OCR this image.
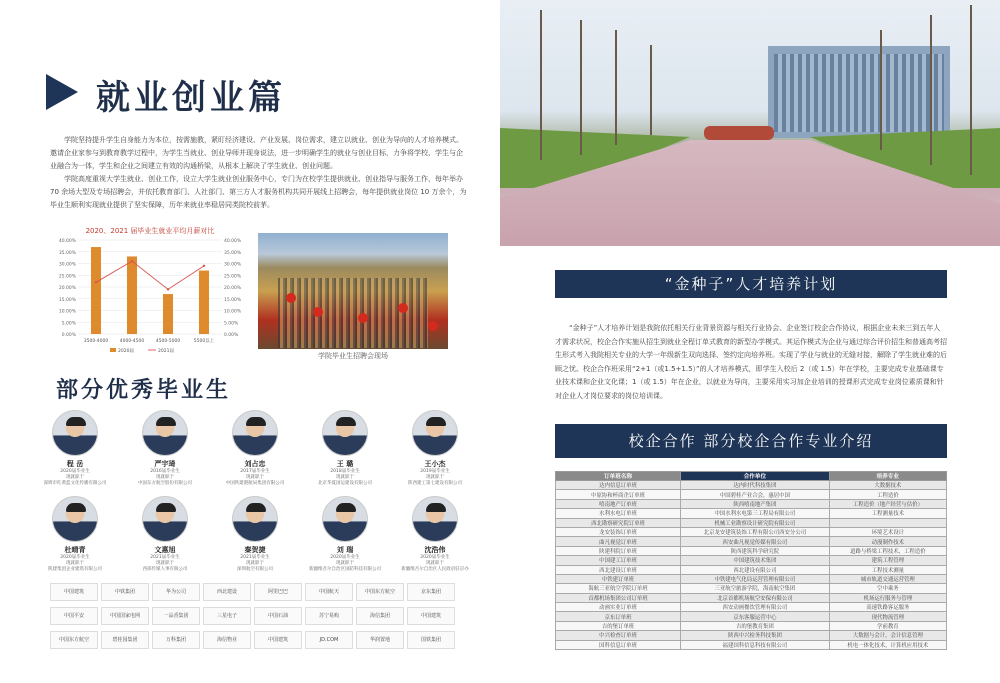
就业创业篇

学院坚持提升学生自身能力为本位，按需施教，紧盯经济建设、产业发展、岗位需求，建立以就业、创业为导向的人才培养模式。邀请企业家参与到教育教学过程中，为学生当就业、创业导师并现身说法，进一步明确学生的就业与创业目标，力争将学校、学生与企业融合为一体，学生和企业之间建立有效的沟通桥梁，从根本上解决了学生就业、创业问题。

学院高度重视大学生就业、创业工作，设立大学生就业创业服务中心，专门为在校学生提供就业、创业指导与服务工作，每年举办 70 余场大型及专场招聘会，并依托教育部门、人社部门、第三方人才服务机构共同开展线上招聘会，每年提供就业岗位 10 万余个，为毕业生顺利实现就业提供了坚实保障，历年来就业率稳居同类院校前茅。

2020、2021 届毕业生就业平均月薪对比
0.00%	0.00%
5.00%	5.00%
10.00%	10.00%
15.00%	15.00%
20.00%	20.00%
25.00%	25.00%
30.00%	30.00%
35.00%	35.00%
40.00%	40.00%
3500-4000	4000-4500	4500-5000	5500以上
2020届	2021届
学院毕业生招聘会现场
部分优秀毕业生
程 岳
2020届毕业生
现就职于
深圳市红黄蓝文化传播有限公司
严宇琦
2016届毕业生
现就职于
中国东方航空股份有限公司
刘占忠
2017届毕业生
现就职于
中国铁建港航局集团有限公司
王 璐
2018届毕业生
现就职于
北京华夏国运建设有限公司
王小杰
2019届毕业生
现就职于
陕西建工第七建设有限公司
杜晴青
2020届毕业生
现就职于
陕建集团企业建筑有限公司
文惠旭
2021届毕业生
现就职于
西部传媒人事有限公司
秦贺捷
2021届毕业生
现就职于
深圳航空有限公司
刘 瑞
2020届毕业生
现就职于
新疆维吾尔自治区国防科技有限公司
沈浩伟
2020届毕业生
现就职于
新疆维吾尔自治区人民政府驻京办
中国建筑	中铁集团	华为公司	西北建设	阿里巴巴	中国航天	中国东方航空	京东集团
中国平安	中国国家电网	一品香集团	三星电子	中国石油	苏宁易购	海信集团	中国建筑
中国东方航空	碧桂园集团	万科集团	海信物业	中国建筑	JD.COM	华润置地	国铁集团
“金种子”人才培养计划

“金种子”人才培养计划是我院依托相关行业背景资源与相关行业协会、企业签订校企合作协议，根据企业未来三到五年人才需求状况，校企合作实施从招生到就业全程订单式教育的新型办学模式。其运作模式为企业与通过综合评价招生和普通高考招生形式考入我院相关专业的大学一年级新生双向选择、签约定向培养班。实现了学业与就业的无缝对接，解除了学生就业难的后顾之忧。校企合作班采用“2+1（或1.5+1.5）”的人才培养模式，即学生入校后 2（或 1.5）年在学校，主要完成专业基础课专业技术课和企业文化课；1（或 1.5）年在企业，以就业为导向，主要采用实习加企业培训的授课形式完成专业岗位素质课和针对企业人才岗位要求的岗位培训课。

校企合作 部分校企合作专业介绍
订单班名称	合作单位	培养专业
达内信息订单班	达内时代科技集团	大数据技术
中原协和杯商企订单班	中国碧桂产业合会，惠居中国	工程造价
嘻南地产订单班	陕西嘻南地产集团	工程造价（地产经营与估价）
水利水电订单班	中国水利水电第三工程局有限公司	工程测量技术
西北勘察研究院订单班	机械工业勘察设计研究院有限公司	
龙安装饰订单班	北京龙安建筑装饰工程有限公司西安分公司	环境艺术设计
曲凡视觉订单班	西安曲凡视觉传媒有限公司	动漫制作技术
陕建科院订单班	陕西建筑科学研究院	道路与桥梁工程技术，工程造价
中国建工订单班	中国建筑技术集团	建筑工程管理
西北建设订单班	西北建设有限公司	工程技术测量
中铁建订单班	中铁建电气化局运营管理有限公司	城市轨道交通运营管理
海航三亚航空学院订单班	三亚航空旅游学院，海南航空集团	空中乘务
首都机场集团公司订单班	北京首都机场航空安保有限公司	机场运行服务与管理
动画实业订单班	西安动画餐饮管理有限公司	高速铁路客运服务
京东订单班	京东客服运营中心	现代物流管理
吉的堡订单班	吉的堡教育集团	学前教育
中兴检查订单班	陕西中兴检务科技集团	大数据与会计，会计信息管理
国科信息订单班	福建国科信息科技有限公司	机电一体化技术，计算机应用技术
